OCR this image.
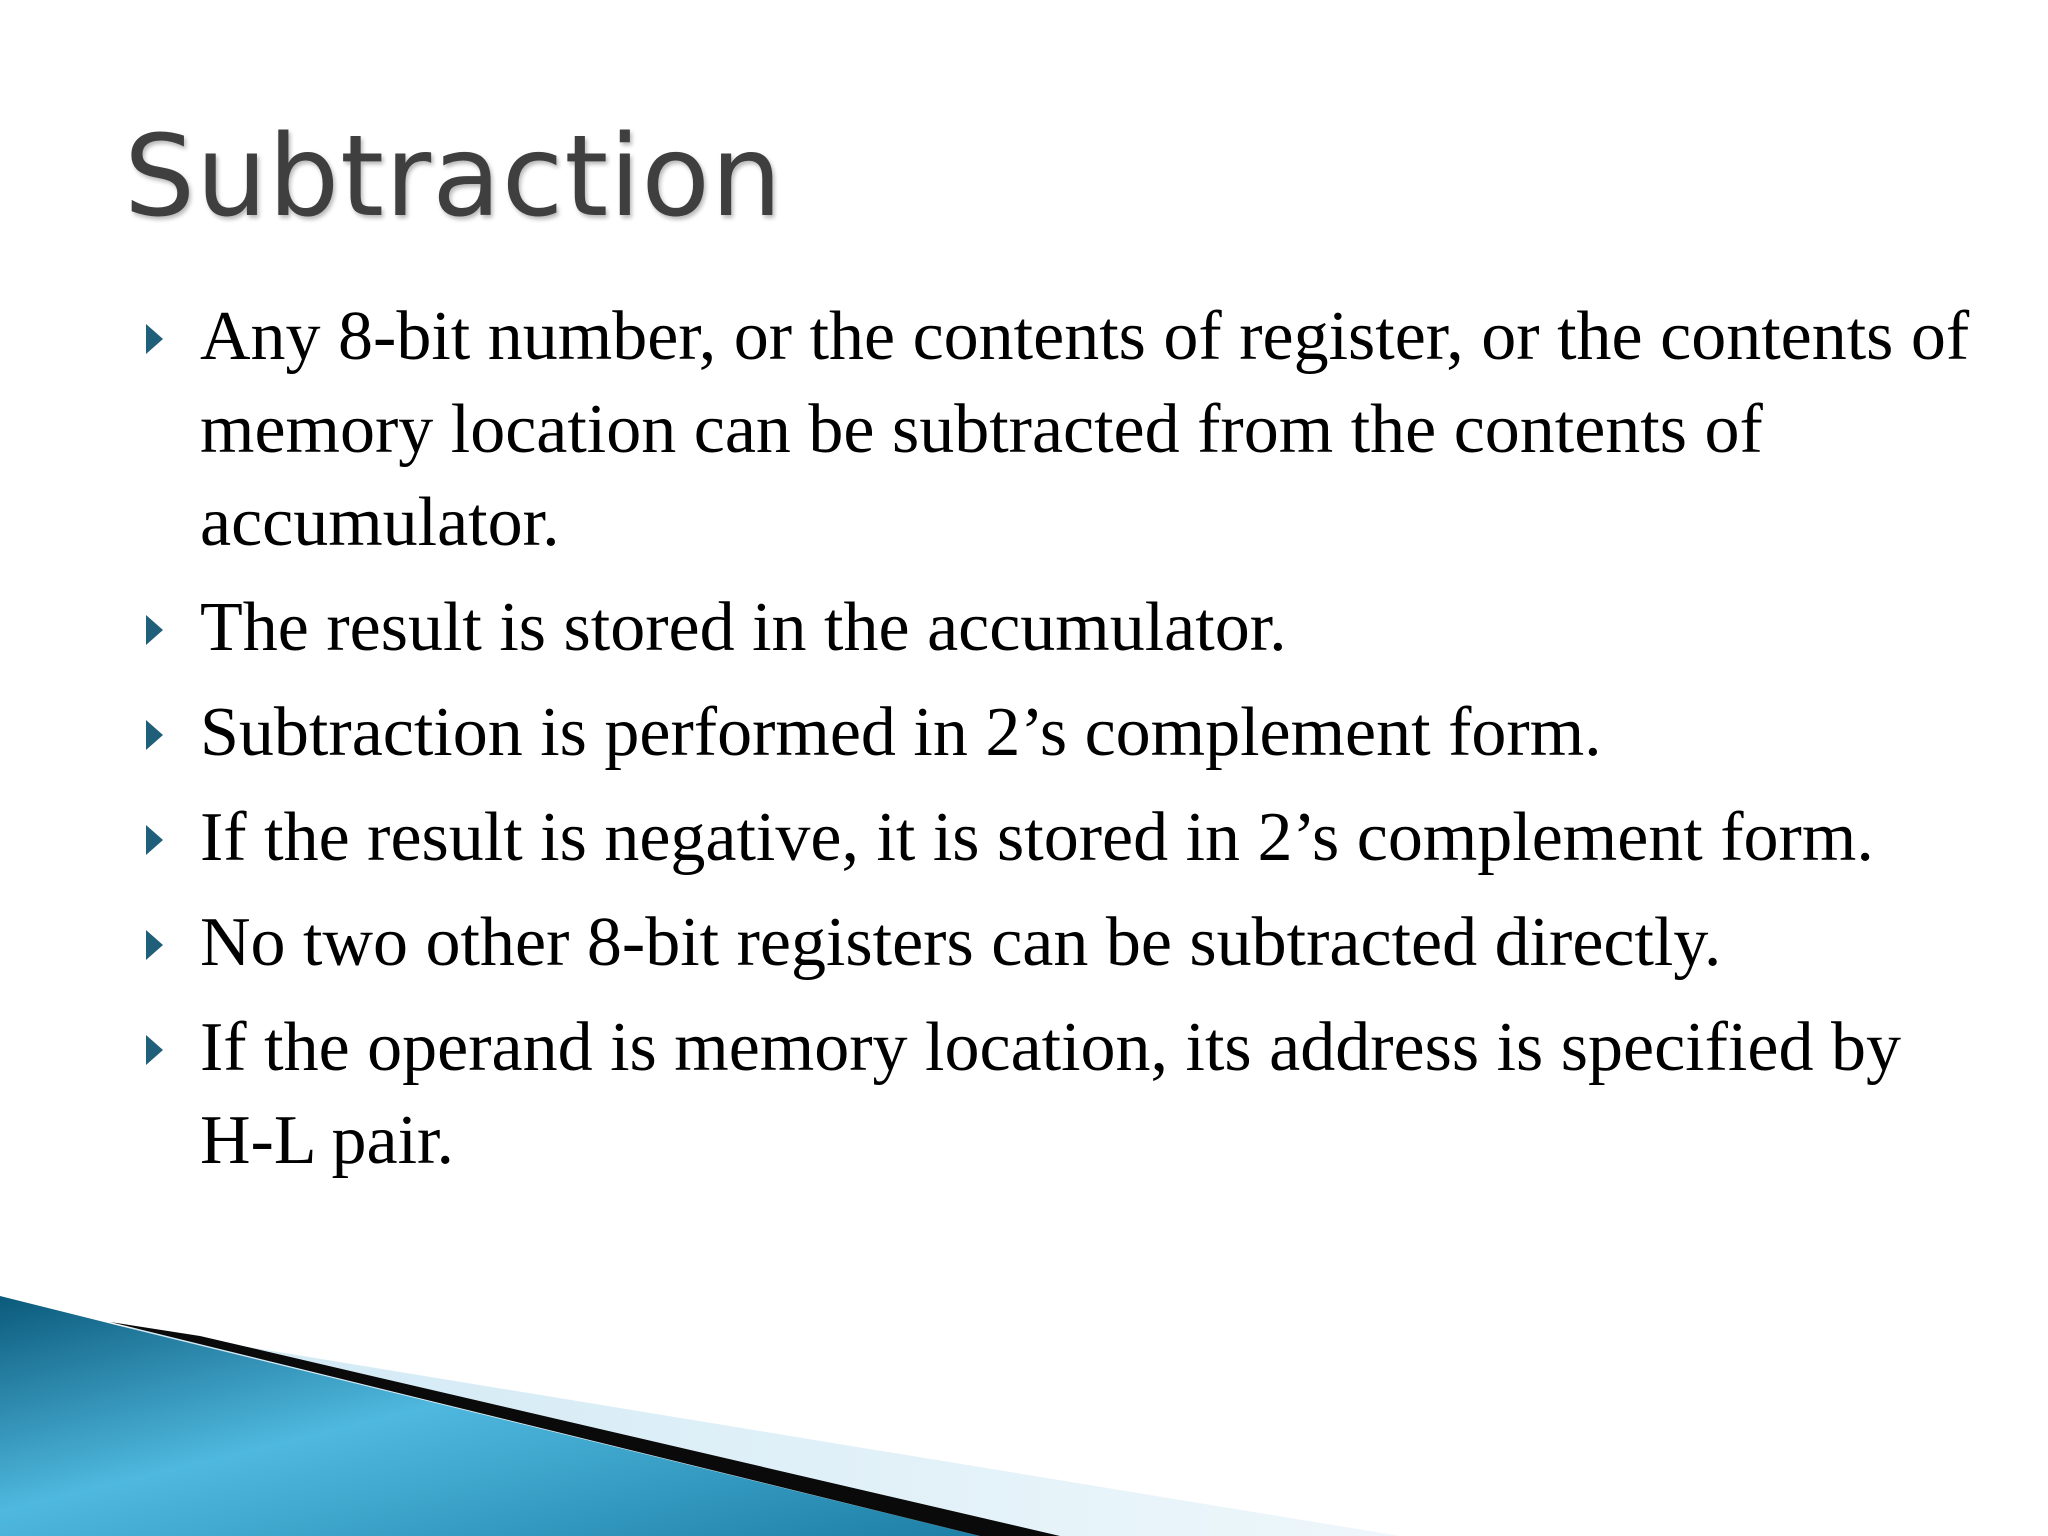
Subtraction
Any 8-bit number, or the contents of register, or the contents of memory location can be subtracted from the contents of accumulator.
The result is stored in the accumulator.
Subtraction is performed in 2’s complement form.
If the result is negative, it is stored in 2’s complement form.
No two other 8-bit registers can be subtracted directly.
If the operand is memory location, its address is specified by H-L pair.
